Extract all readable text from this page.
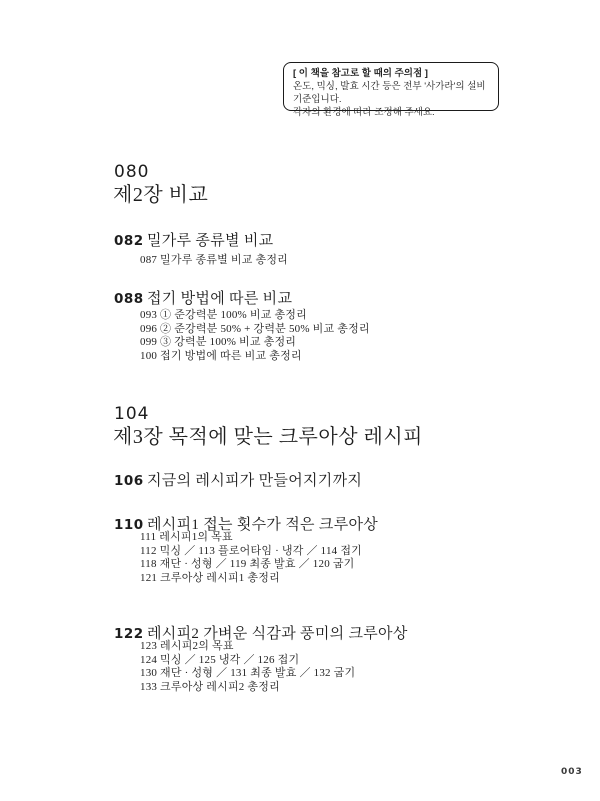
[ 이 책을 참고로 할 때의 주의점 ]
온도, 믹싱, 발효 시간 등은 전부 '사가라'의 설비 기준입니다.
각자의 환경에 따라 조정해 주세요.
080
제2장 비교
082 밀가루 종류별 비교
087 밀가루 종류별 비교 총정리
088 접기 방법에 따른 비교
093 ① 준강력분 100% 비교 총정리
096 ② 준강력분 50% + 강력분 50% 비교 총정리
099 ③ 강력분 100% 비교 총정리
100 접기 방법에 따른 비교 총정리
104
제3장 목적에 맞는 크루아상 레시피
106 지금의 레시피가 만들어지기까지
110 레시피1 접는 횟수가 적은 크루아상
111 레시피1의 목표
112 믹싱 ／ 113 플로어타임 · 냉각 ／ 114 접기
118 재단 · 성형 ／ 119 최종 발효 ／ 120 굽기
121 크루아상 레시피1 총정리
122 레시피2 가벼운 식감과 풍미의 크루아상
123 레시피2의 목표
124 믹싱 ／ 125 냉각 ／ 126 접기
130 재단 · 성형 ／ 131 최종 발효 ／ 132 굽기
133 크루아상 레시피2 총정리
003
